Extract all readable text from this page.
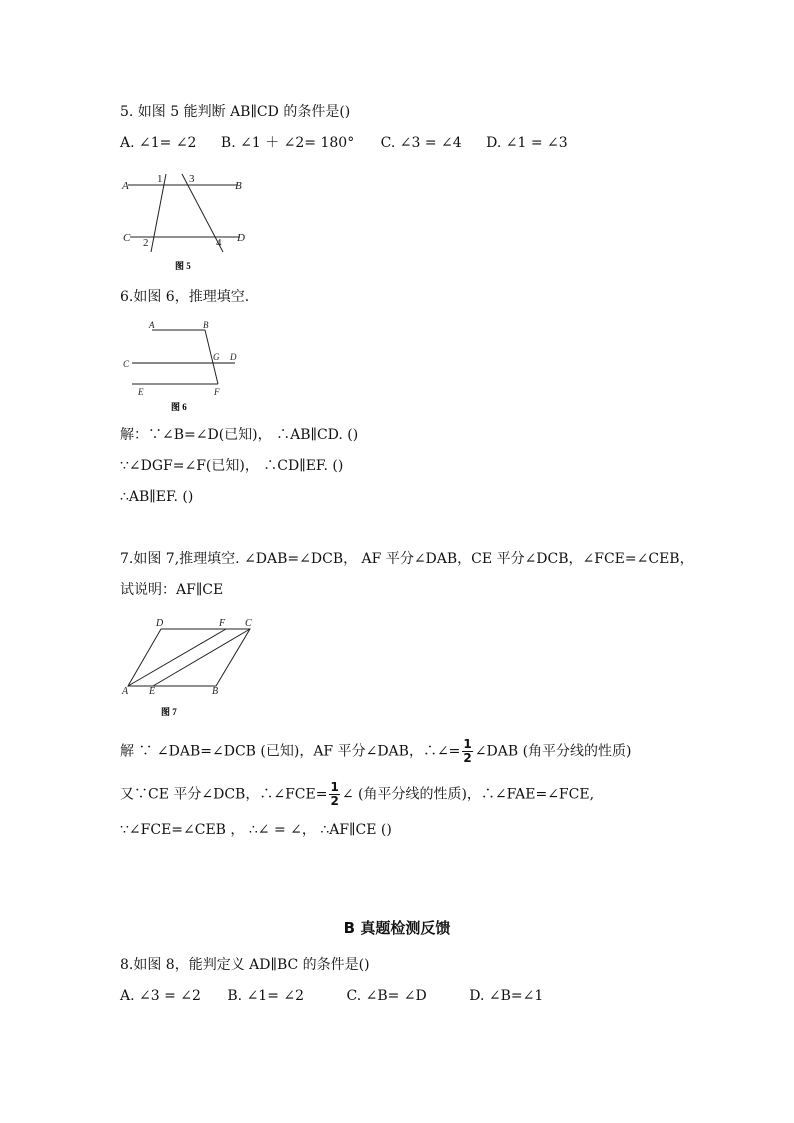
5. 如图 5 能判断 AB∥CD 的条件是()
A. ∠1= ∠2 B. ∠1 ＋ ∠2= 180° C. ∠3 = ∠4 D. ∠1 = ∠3
A
1 3
B
C 2	4 D
图 5
6.如图 6，推理填空.
A	B
C
G D
E	F
图 6
解：∵∠B=∠D(已知)， ∴AB∥CD. ()
∵∠DGF=∠F(已知)， ∴CD∥EF. ()
∴AB∥EF. ()
7.如图 7,推理填空. ∠DAB=∠DCB， AF 平分∠DAB，CE 平分∠DCB，∠FCE=∠CEB，
试说明：AF∥CE
D	F C
A E	B
图 7
解 ∵ ∠DAB=∠DCB (已知)，AF 平分∠DAB，∴∠= $\frac{1}{2}$ ∠DAB (角平分线的性质)
又∵CE 平分∠DCB，∴∠FCE= $\frac{1}{2}$ ∠ (角平分线的性质)，∴∠FAE=∠FCE,
∵∠FCE=∠CEB ， ∴∠ = ∠， ∴AF∥CE ()
B 真题检测反馈
8.如图 8，能判定义 AD∥BC 的条件是()
A. ∠3 = ∠2 B. ∠1= ∠2	C. ∠B= ∠D	D. ∠B=∠1
